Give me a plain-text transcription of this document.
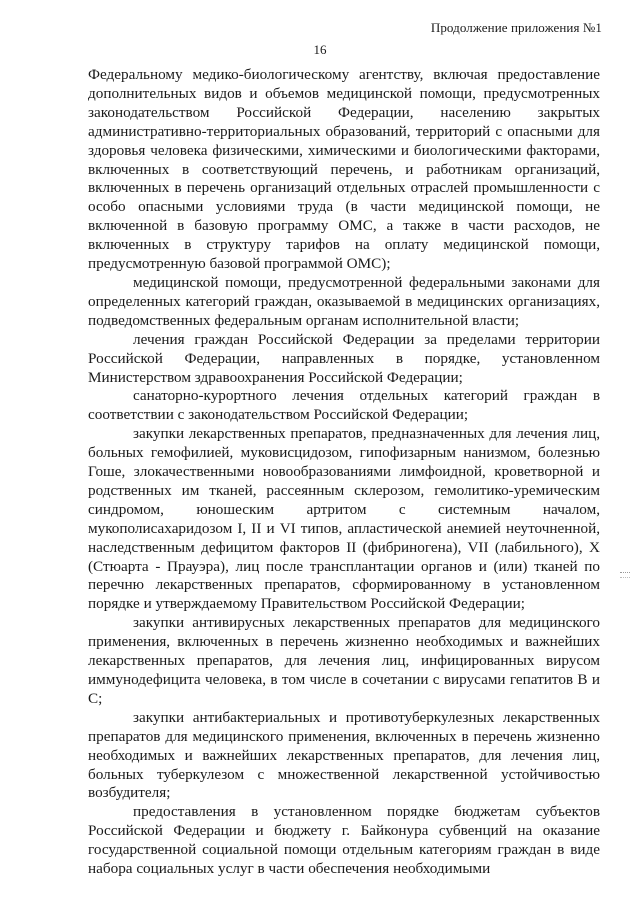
Продолжение приложения №1
16

Федеральному медико-биологическому агентству, включая предоставление дополнительных видов и объемов медицинской помощи, предусмотренных законодательством Российской Федерации, населению закрытых административно-территориальных образований, территорий с опасными для здоровья человека физическими, химическими и биологическими факторами, включенных в соответствующий перечень, и работникам организаций, включенных в перечень организаций отдельных отраслей промышленности с особо опасными условиями труда (в части медицинской помощи, не включенной в базовую программу ОМС, а также в части расходов, не включенных в структуру тарифов на оплату медицинской помощи, предусмотренную базовой программой ОМС);

медицинской помощи, предусмотренной федеральными законами для определенных категорий граждан, оказываемой в медицинских организациях, подведомственных федеральным органам исполнительной власти;

лечения граждан Российской Федерации за пределами территории Российской Федерации, направленных в порядке, установленном Министерством здравоохранения Российской Федерации;

санаторно-курортного лечения отдельных категорий граждан в соответствии с законодательством Российской Федерации;

закупки лекарственных препаратов, предназначенных для лечения лиц, больных гемофилией, муковисцидозом, гипофизарным нанизмом, болезнью Гоше, злокачественными новообразованиями лимфоидной, кроветворной и родственных им тканей, рассеянным склерозом, гемолитико-уремическим синдромом, юношеским артритом с системным началом, мукополисахаридозом I, II и VI типов, апластической анемией неуточненной, наследственным дефицитом факторов II (фибриногена), VII (лабильного), X (Стюарта - Прауэра), лиц после трансплантации органов и (или) тканей по перечню лекарственных препаратов, сформированному в установленном порядке и утверждаемому Правительством Российской Федерации;

закупки антивирусных лекарственных препаратов для медицинского применения, включенных в перечень жизненно необходимых и важнейших лекарственных препаратов, для лечения лиц, инфицированных вирусом иммунодефицита человека, в том числе в сочетании с вирусами гепатитов В и С;

закупки антибактериальных и противотуберкулезных лекарственных препаратов для медицинского применения, включенных в перечень жизненно необходимых и важнейших лекарственных препаратов, для лечения лиц, больных туберкулезом с множественной лекарственной устойчивостью возбудителя;

предоставления в установленном порядке бюджетам субъектов Российской Федерации и бюджету г. Байконура субвенций на оказание государственной социальной помощи отдельным категориям граждан в виде набора социальных услуг в части обеспечения необходимыми
